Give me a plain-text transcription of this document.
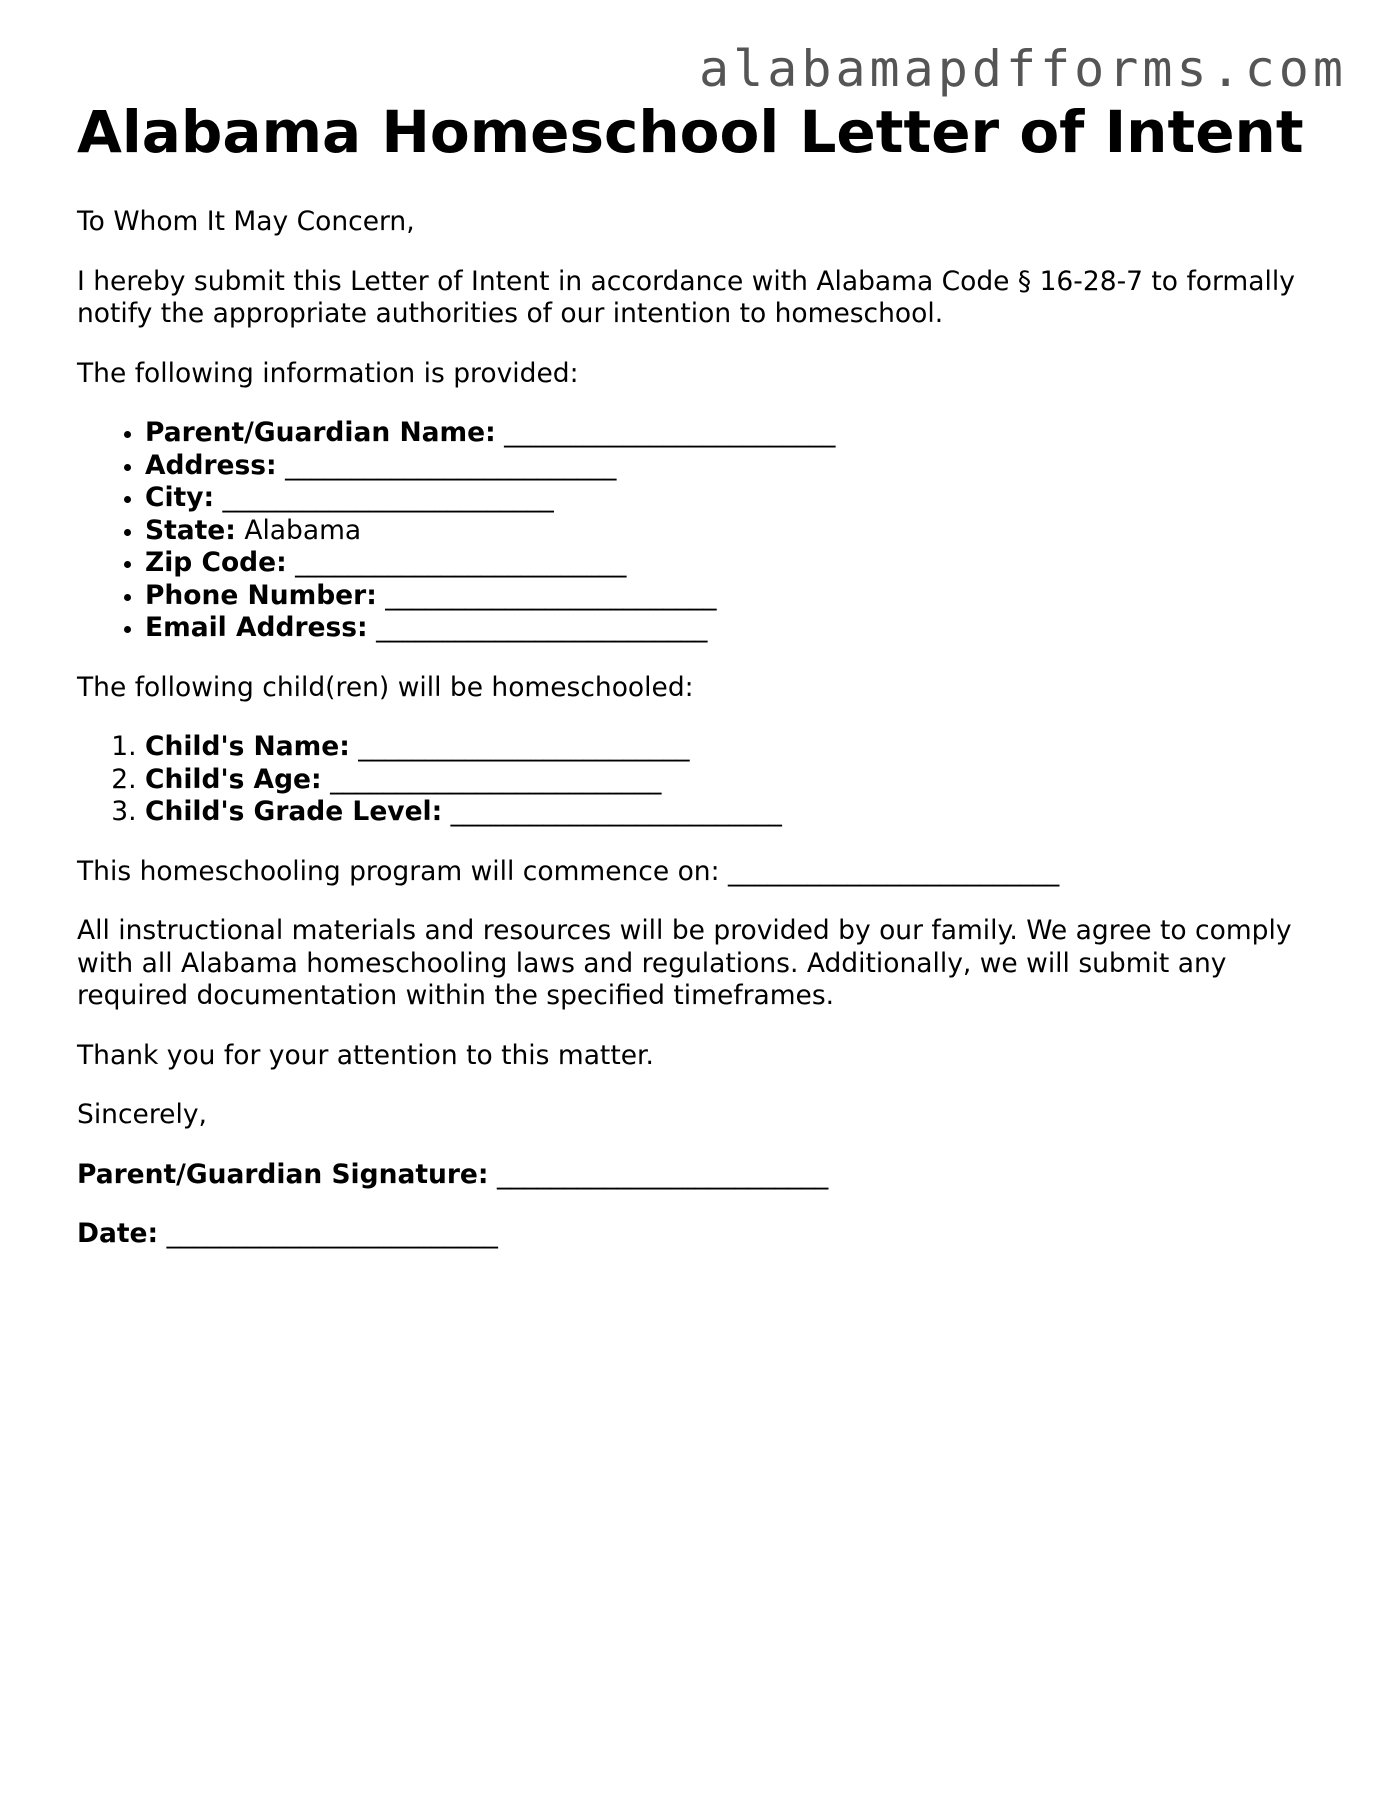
alabamapdfforms.com
Alabama Homeschool Letter of Intent

To Whom It May Concern,

I hereby submit this Letter of Intent in accordance with Alabama Code § 16-28-7 to formally notify the appropriate authorities of our intention to homeschool.

The following information is provided:

• Parent/Guardian Name: _________________________
• Address: _________________________
• City: _________________________
• State: Alabama
• Zip Code: _________________________
• Phone Number: _________________________
• Email Address: _________________________

The following child(ren) will be homeschooled:

1. Child's Name: _________________________
2. Child's Age: _________________________
3. Child's Grade Level: _________________________

This homeschooling program will commence on: _________________________

All instructional materials and resources will be provided by our family. We agree to comply with all Alabama homeschooling laws and regulations. Additionally, we will submit any required documentation within the specified timeframes.

Thank you for your attention to this matter.

Sincerely,

Parent/Guardian Signature: _________________________

Date: _________________________
